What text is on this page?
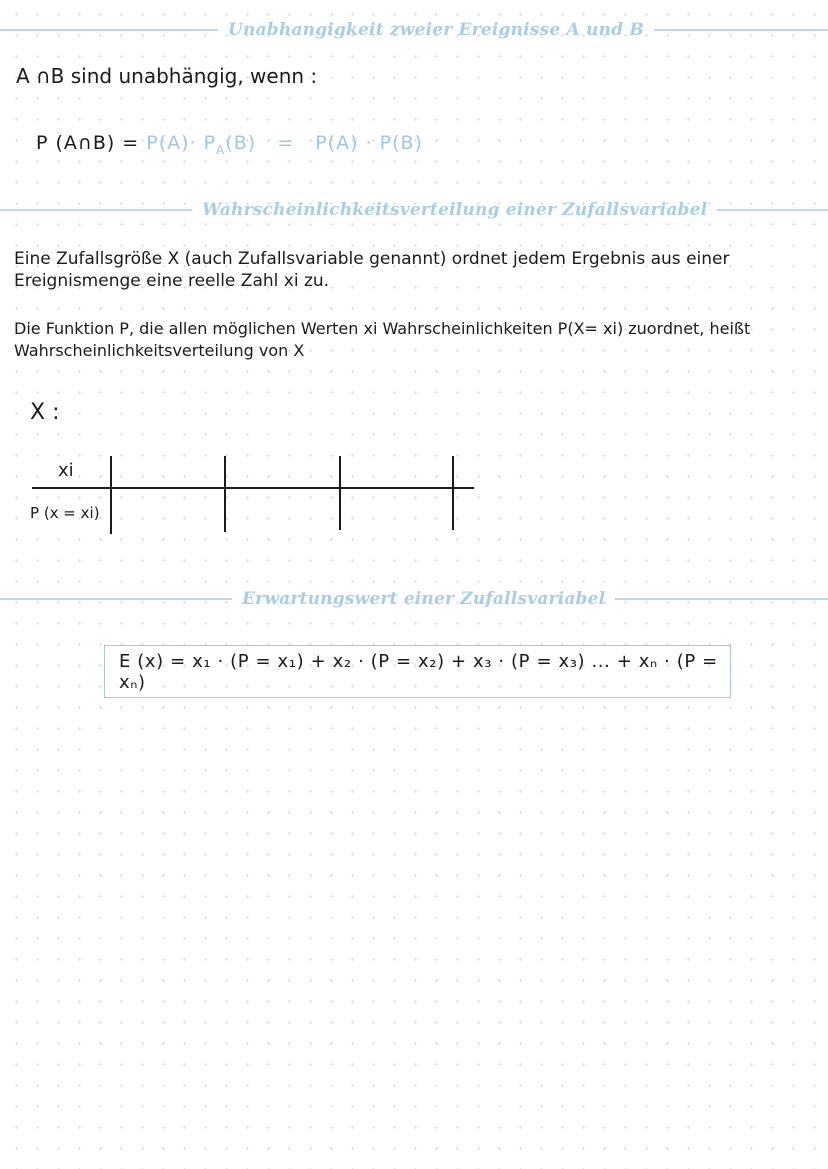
Unabhangigkeit zweier Ereignisse A und B
A ∩B sind unabhängig, wenn :
P (A∩B) = $P(A)\cdot P_A(B) = P(A) \cdot P(B)$
Wahrscheinlichkeitsverteilung einer Zufallsvariabel
Eine Zufallsgröße X (auch Zufallsvariable genannt) ordnet jedem Ergebnis aus einer
Ereignismenge eine reelle Zahl xi zu.
Die Funktion P, die allen möglichen Werten xi Wahrscheinlichkeiten P(X= xi) zuordnet, heißt
Wahrscheinlichkeitsverteilung von X
X :
xi
P (x = xi)
Erwartungswert einer Zufallsvariabel
E (x) = x₁ · (P = x₁) + x₂ · (P = x₂) + x₃ · (P = x₃) ... + xₙ · (P = xₙ)
